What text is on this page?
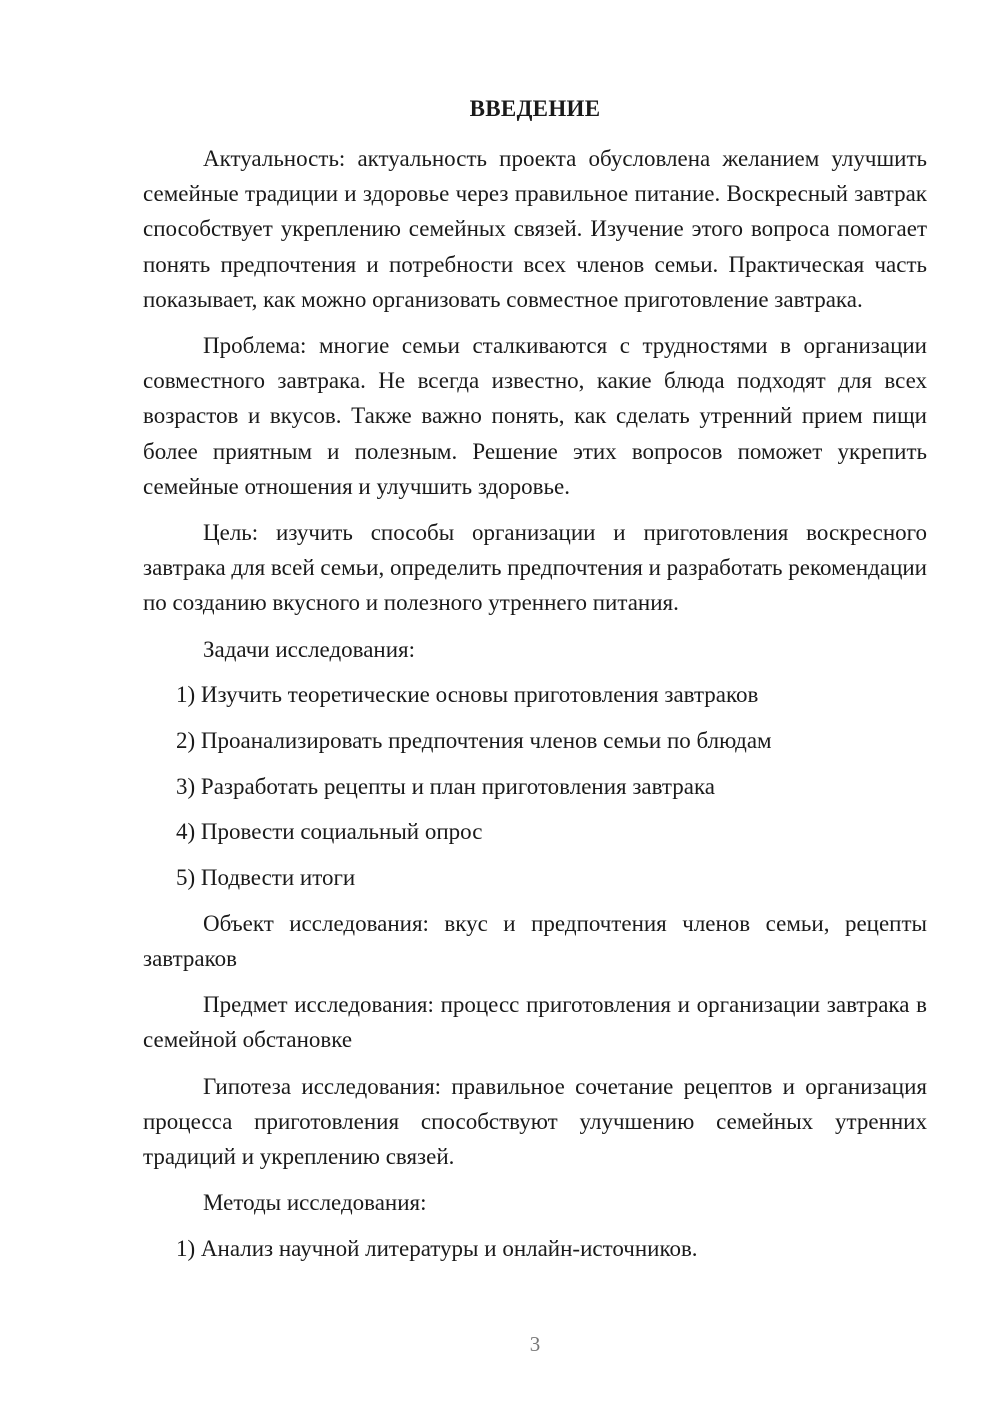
ВВЕДЕНИЕ

Актуальность: актуальность проекта обусловлена желанием улучшить семейные традиции и здоровье через правильное питание. Воскресный завтрак способствует укреплению семейных связей. Изучение этого вопроса помогает понять предпочтения и потребности всех членов семьи. Практическая часть показывает, как можно организовать совместное приготовление завтрака.

Проблема: многие семьи сталкиваются с трудностями в организации совместного завтрака. Не всегда известно, какие блюда подходят для всех возрастов и вкусов. Также важно понять, как сделать утренний прием пищи более приятным и полезным. Решение этих вопросов поможет укрепить семейные отношения и улучшить здоровье.

Цель: изучить способы организации и приготовления воскресного завтрака для всей семьи, определить предпочтения и разработать рекомендации по созданию вкусного и полезного утреннего питания.

Задачи исследования:

1) Изучить теоретические основы приготовления завтраков

2) Проанализировать предпочтения членов семьи по блюдам

3) Разработать рецепты и план приготовления завтрака

4) Провести социальный опрос

5) Подвести итоги

Объект исследования: вкус и предпочтения членов семьи, рецепты завтраков

Предмет исследования: процесс приготовления и организации завтрака в семейной обстановке

Гипотеза исследования: правильное сочетание рецептов и организация процесса приготовления способствуют улучшению семейных утренних традиций и укреплению связей.

Методы исследования:

1) Анализ научной литературы и онлайн-источников.

3
